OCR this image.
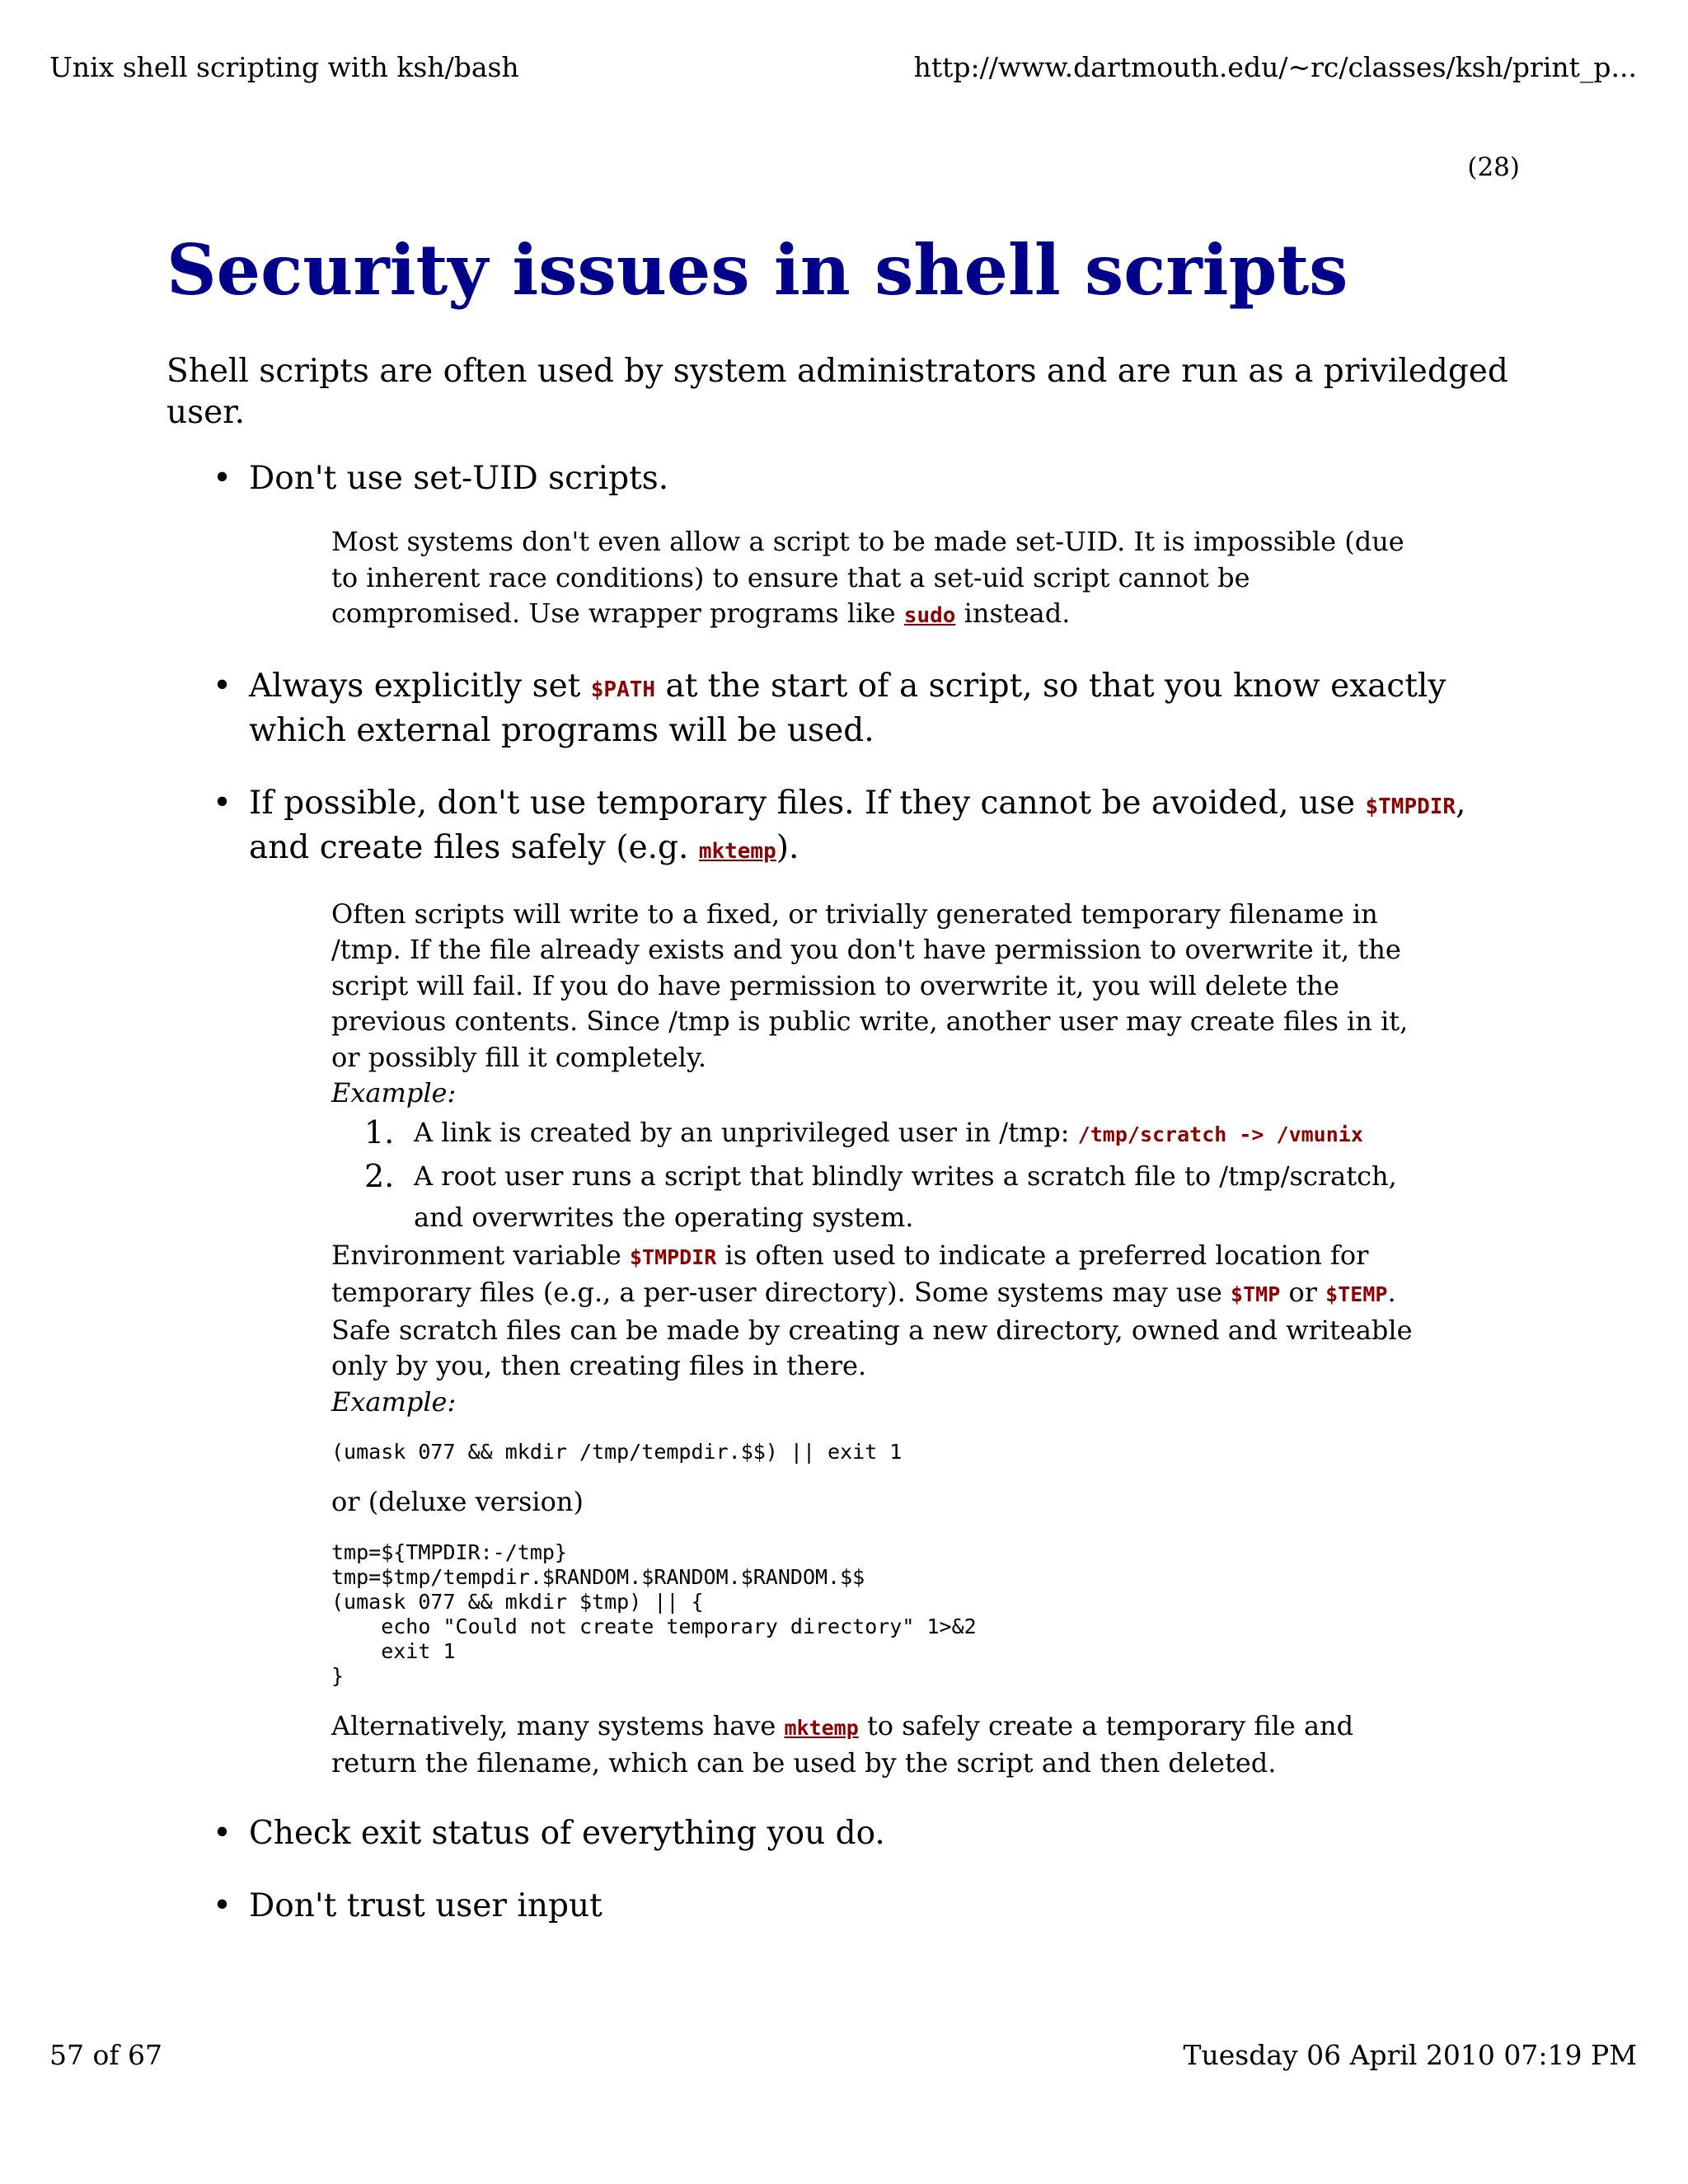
Unix shell scripting with ksh/bash	http://www.dartmouth.edu/~rc/classes/ksh/print_p...
(28)
Security issues in shell scripts

Shell scripts are often used by system administrators and are run as a priviledged user.

• Don't use set-UID scripts.
Most systems don't even allow a script to be made set-UID. It is impossible (due to inherent race conditions) to ensure that a set-uid script cannot be compromised. Use wrapper programs like sudo instead.
• Always explicitly set $PATH at the start of a script, so that you know exactly which external programs will be used.
• If possible, don't use temporary files. If they cannot be avoided, use $TMPDIR, and create files safely (e.g. mktemp).

Often scripts will write to a fixed, or trivially generated temporary filename in /tmp. If the file already exists and you don't have permission to overwrite it, the script will fail. If you do have permission to overwrite it, you will delete the previous contents. Since /tmp is public write, another user may create files in it, or possibly fill it completely.

Example:

1. A link is created by an unprivileged user in /tmp: /tmp/scratch -> /vmunix
2. A root user runs a script that blindly writes a scratch file to /tmp/scratch, and overwrites the operating system.

Environment variable $TMPDIR is often used to indicate a preferred location for temporary files (e.g., a per-user directory). Some systems may use $TMP or $TEMP. Safe scratch files can be made by creating a new directory, owned and writeable only by you, then creating files in there.

Example:

(umask 077 && mkdir /tmp/tempdir.$$) || exit 1

or (deluxe version)

tmp=${TMPDIR:-/tmp}
tmp=$tmp/tempdir.$RANDOM.$RANDOM.$RANDOM.$$
(umask 077 && mkdir $tmp) || {
echo "Could not create temporary directory" 1>&2
exit 1
}

Alternatively, many systems have mktemp to safely create a temporary file and return the filename, which can be used by the script and then deleted.

• Check exit status of everything you do.
• Don't trust user input
57 of 67	Tuesday 06 April 2010 07:19 PM
